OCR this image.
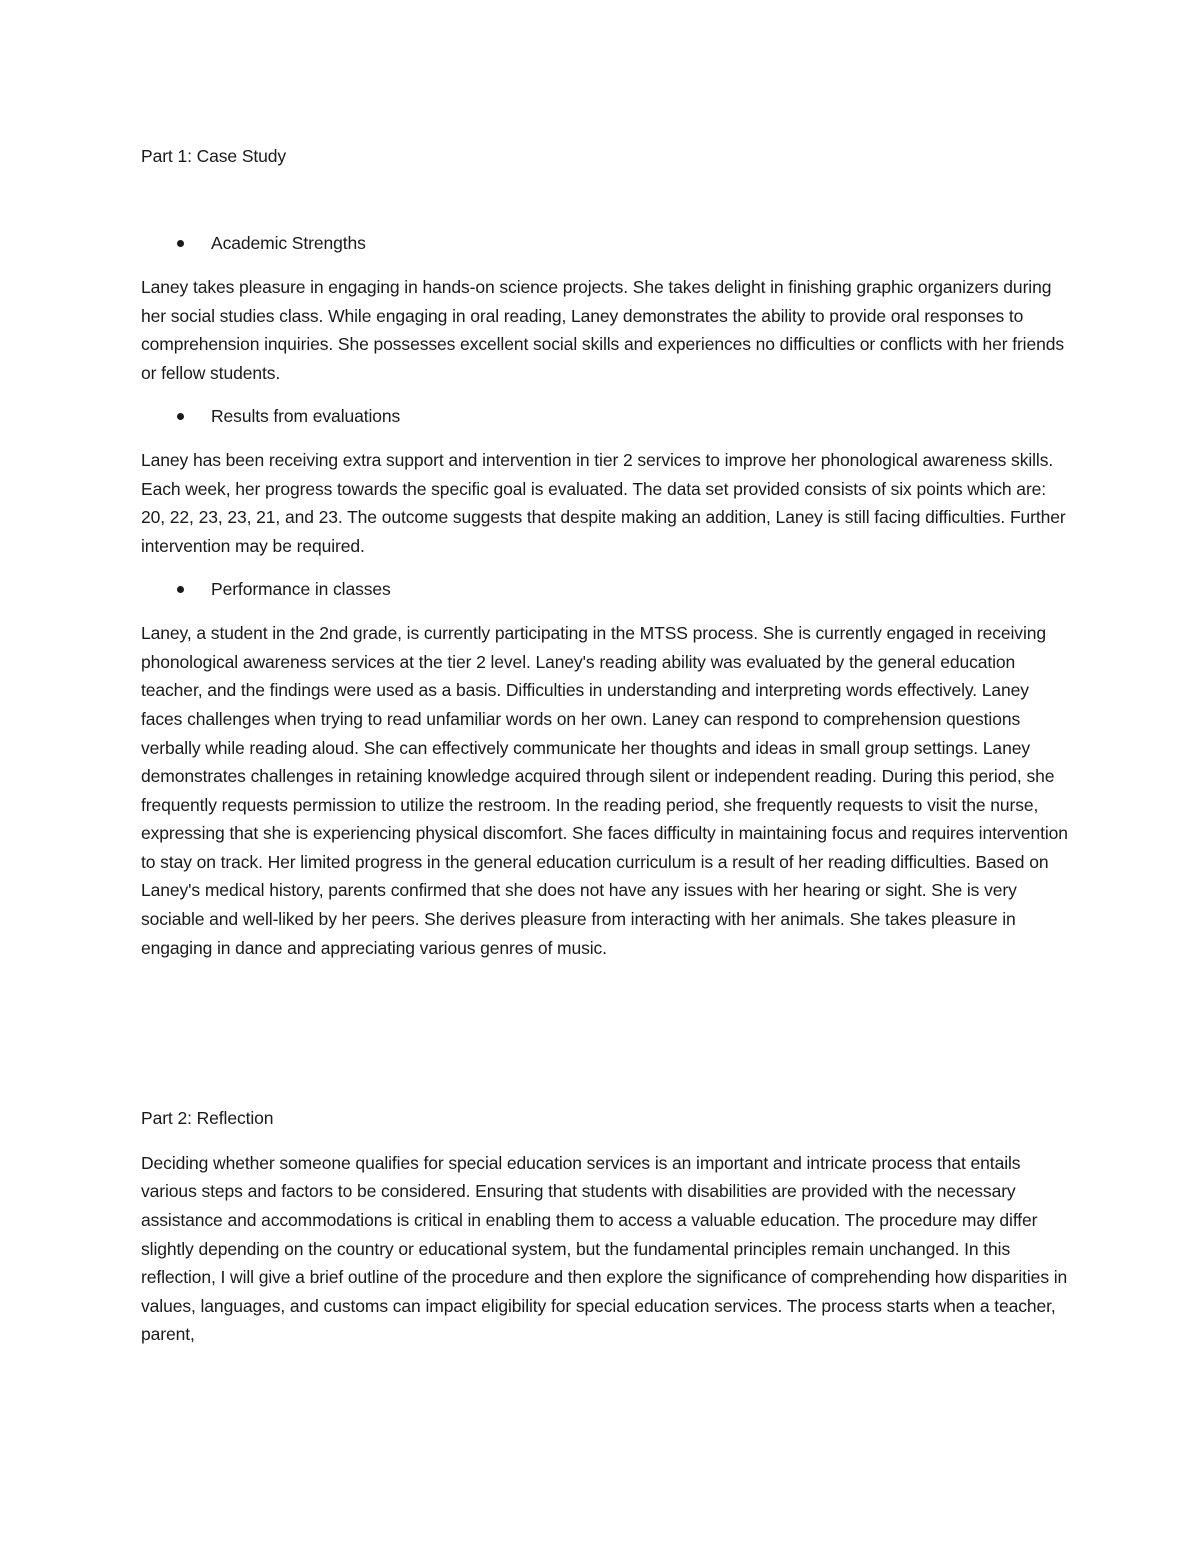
Part 1: Case Study
Academic Strengths

Laney takes pleasure in engaging in hands-on science projects. She takes delight in finishing graphic organizers during her social studies class. While engaging in oral reading, Laney demonstrates the ability to provide oral responses to comprehension inquiries. She possesses excellent social skills and experiences no difficulties or conflicts with her friends or fellow students.

Results from evaluations

Laney has been receiving extra support and intervention in tier 2 services to improve her phonological awareness skills. Each week, her progress towards the specific goal is evaluated. The data set provided consists of six points which are: 20, 22, 23, 23, 21, and 23. The outcome suggests that despite making an addition, Laney is still facing difficulties. Further intervention may be required.

Performance in classes

Laney, a student in the 2nd grade, is currently participating in the MTSS process. She is currently engaged in receiving phonological awareness services at the tier 2 level. Laney's reading ability was evaluated by the general education teacher, and the findings were used as a basis. Difficulties in understanding and interpreting words effectively. Laney faces challenges when trying to read unfamiliar words on her own. Laney can respond to comprehension questions verbally while reading aloud. She can effectively communicate her thoughts and ideas in small group settings. Laney demonstrates challenges in retaining knowledge acquired through silent or independent reading. During this period, she frequently requests permission to utilize the restroom. In the reading period, she frequently requests to visit the nurse, expressing that she is experiencing physical discomfort. She faces difficulty in maintaining focus and requires intervention to stay on track. Her limited progress in the general education curriculum is a result of her reading difficulties. Based on Laney's medical history, parents confirmed that she does not have any issues with her hearing or sight. She is very sociable and well-liked by her peers. She derives pleasure from interacting with her animals. She takes pleasure in engaging in dance and appreciating various genres of music.

Part 2: Reflection

Deciding whether someone qualifies for special education services is an important and intricate process that entails various steps and factors to be considered. Ensuring that students with disabilities are provided with the necessary assistance and accommodations is critical in enabling them to access a valuable education. The procedure may differ slightly depending on the country or educational system, but the fundamental principles remain unchanged. In this reflection, I will give a brief outline of the procedure and then explore the significance of comprehending how disparities in values, languages, and customs can impact eligibility for special education services. The process starts when a teacher, parent,
